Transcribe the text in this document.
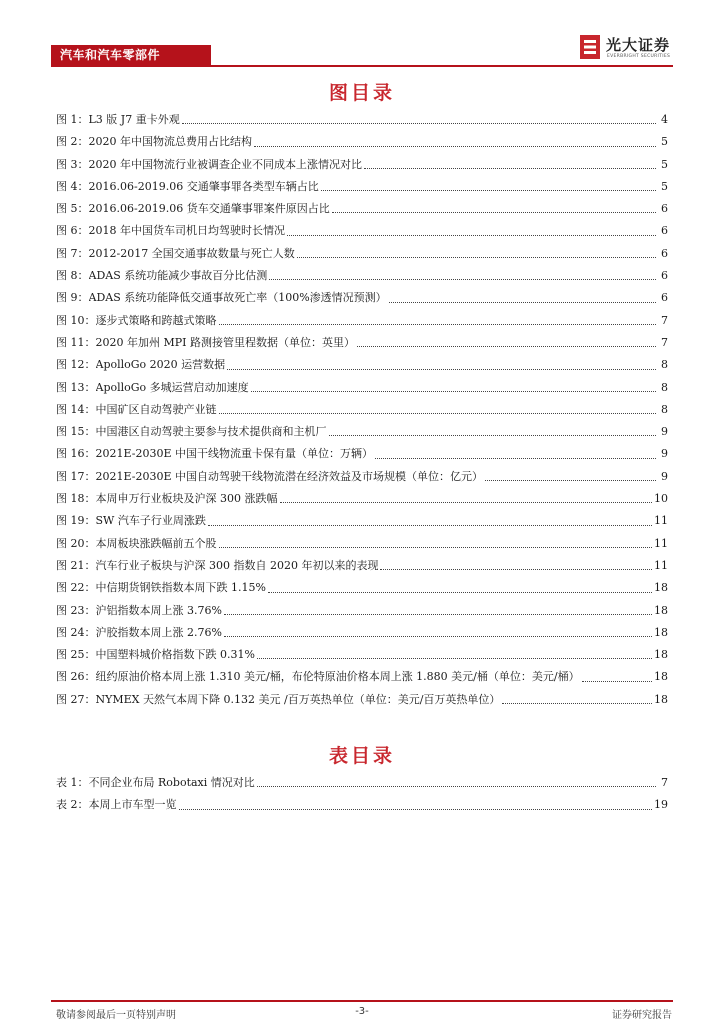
汽车和汽车零部件
光大证券
EVERBRIGHT SECURITIES
图目录
图 1： L3 版 J7 重卡外观	4
图 2： 2020 年中国物流总费用占比结构	5
图 3： 2020 年中国物流行业被调查企业不同成本上涨情况对比	5
图 4： 2016.06-2019.06 交通肇事罪各类型车辆占比	5
图 5： 2016.06-2019.06 货车交通肇事罪案件原因占比	6
图 6： 2018 年中国货车司机日均驾驶时长情况	6
图 7： 2012-2017 全国交通事故数量与死亡人数	6
图 8： ADAS 系统功能减少事故百分比估测	6
图 9： ADAS 系统功能降低交通事故死亡率（100%渗透情况预测）	6
图 10： 逐步式策略和跨越式策略	7
图 11： 2020 年加州 MPI 路测接管里程数据（单位：英里）	7
图 12： ApolloGo 2020 运营数据	8
图 13： ApolloGo 多城运营启动加速度	8
图 14： 中国矿区自动驾驶产业链	8
图 15： 中国港区自动驾驶主要参与技术提供商和主机厂	9
图 16： 2021E-2030E 中国干线物流重卡保有量（单位：万辆）	9
图 17： 2021E-2030E 中国自动驾驶干线物流潜在经济效益及市场规模（单位：亿元）	9
图 18： 本周申万行业板块及沪深 300 涨跌幅	10
图 19： SW 汽车子行业周涨跌	11
图 20： 本周板块涨跌幅前五个股	11
图 21： 汽车行业子板块与沪深 300 指数自 2020 年初以来的表现	11
图 22： 中信期货钢铁指数本周下跌 1.15%	18
图 23： 沪铝指数本周上涨 3.76%	18
图 24： 沪胶指数本周上涨 2.76%	18
图 25： 中国塑料城价格指数下跌 0.31%	18
图 26： 纽约原油价格本周上涨 1.310 美元/桶，布伦特原油价格本周上涨 1.880 美元/桶（单位：美元/桶）	18
图 27： NYMEX 天然气本周下降 0.132 美元 /百万英热单位（单位：美元/百万英热单位）	18
表目录
表 1： 不同企业布局 Robotaxi 情况对比	7
表 2： 本周上市车型一览	19
敬请参阅最后一页特别声明	-3-	证券研究报告
